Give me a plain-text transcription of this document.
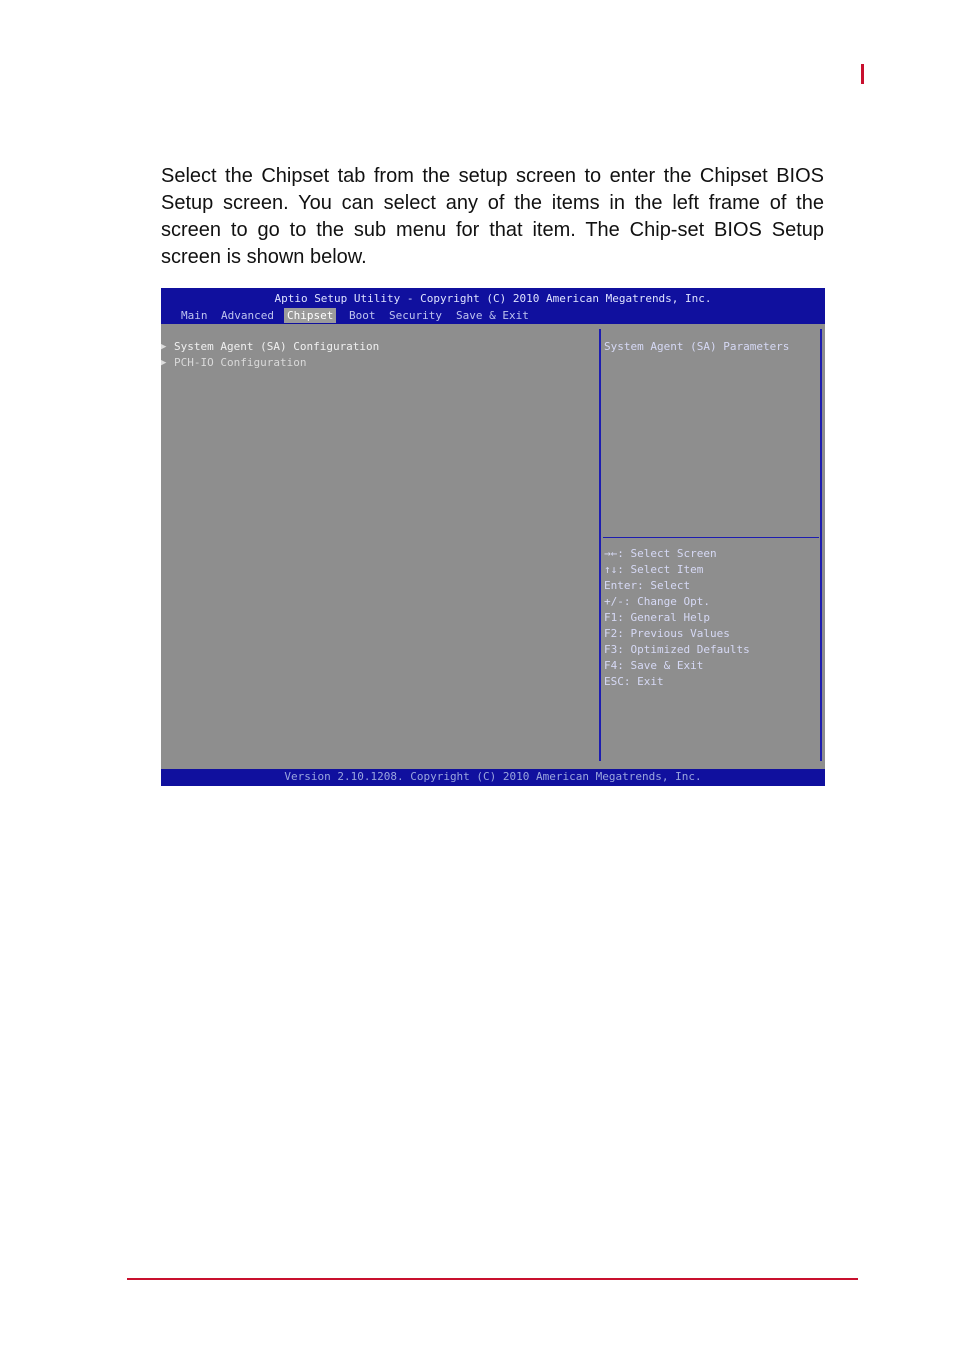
Select the Chipset tab from the setup screen to enter the Chipset BIOS Setup screen. You can select any of the items in the left frame of the screen to go to the sub menu for that item. The Chip-set BIOS Setup screen is shown below.

Aptio Setup Utility - Copyright (C) 2010 American Megatrends, Inc.
Main Advanced Chipset Boot Security Save & Exit
▶ System Agent (SA) Configuration
▶ PCH-IO Configuration
System Agent (SA) Parameters
→←: Select Screen
↑↓: Select Item
Enter: Select
+/-: Change Opt.
F1: General Help
F2: Previous Values
F3: Optimized Defaults
F4: Save & Exit
ESC: Exit
Version 2.10.1208. Copyright (C) 2010 American Megatrends, Inc.
